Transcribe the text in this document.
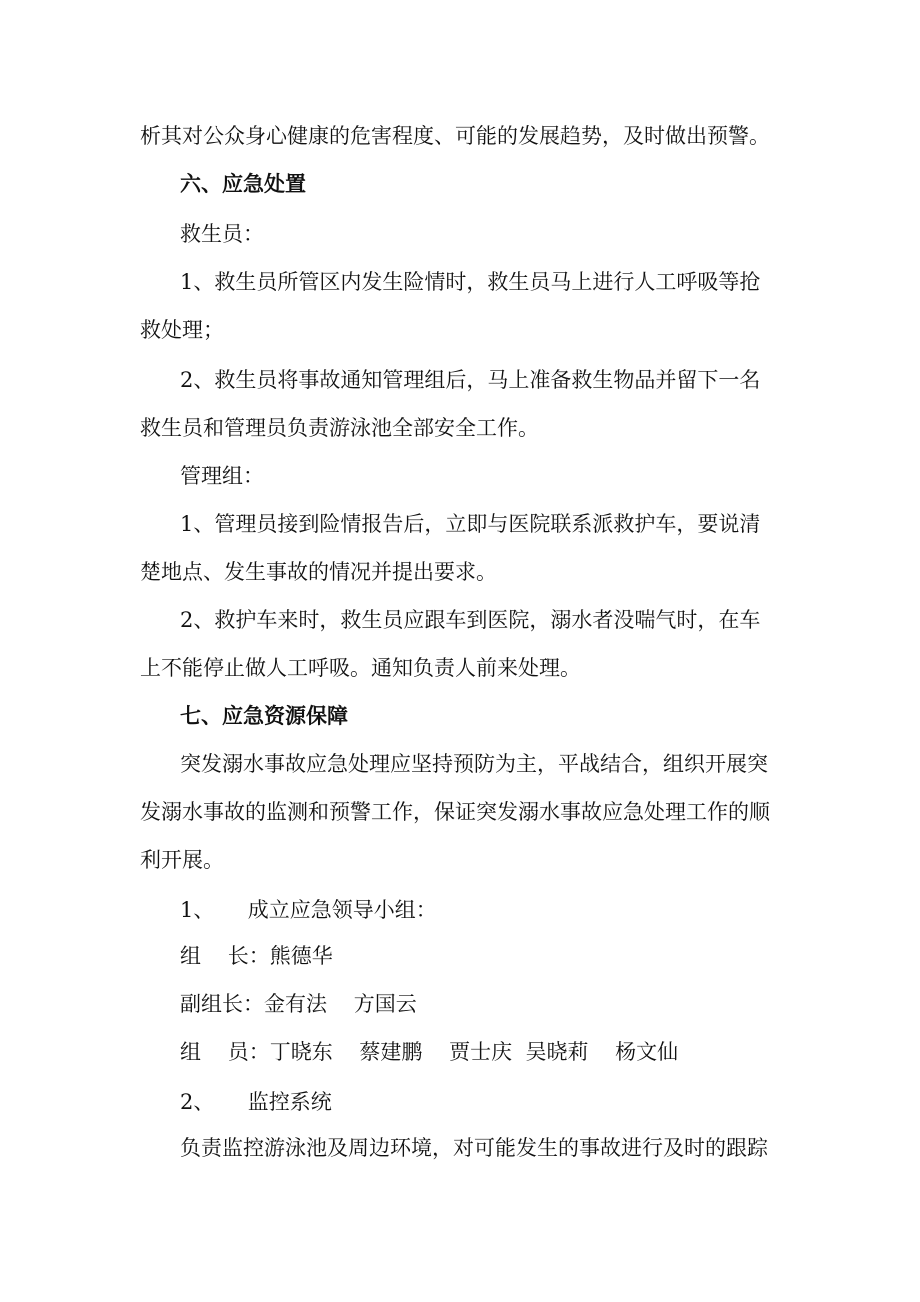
析其对公众身心健康的危害程度、可能的发展趋势，及时做出预警。
六、应急处置
救生员：
1、救生员所管区内发生险情时，救生员马上进行人工呼吸等抢
救处理；
2、救生员将事故通知管理组后，马上准备救生物品并留下一名
救生员和管理员负责游泳池全部安全工作。
管理组：
1、管理员接到险情报告后，立即与医院联系派救护车，要说清
楚地点、发生事故的情况并提出要求。
2、救护车来时，救生员应跟车到医院，溺水者没喘气时，在车
上不能停止做人工呼吸。通知负责人前来处理。
七、应急资源保障
突发溺水事故应急处理应坚持预防为主，平战结合，组织开展突
发溺水事故的监测和预警工作，保证突发溺水事故应急处理工作的顺
利开展。
1、     成立应急领导小组：
组    长：熊德华
副组长：金有法    方国云
组    员：丁晓东    蔡建鹏    贾士庆  吴晓莉    杨文仙
2、     监控系统
负责监控游泳池及周边环境，对可能发生的事故进行及时的跟踪
